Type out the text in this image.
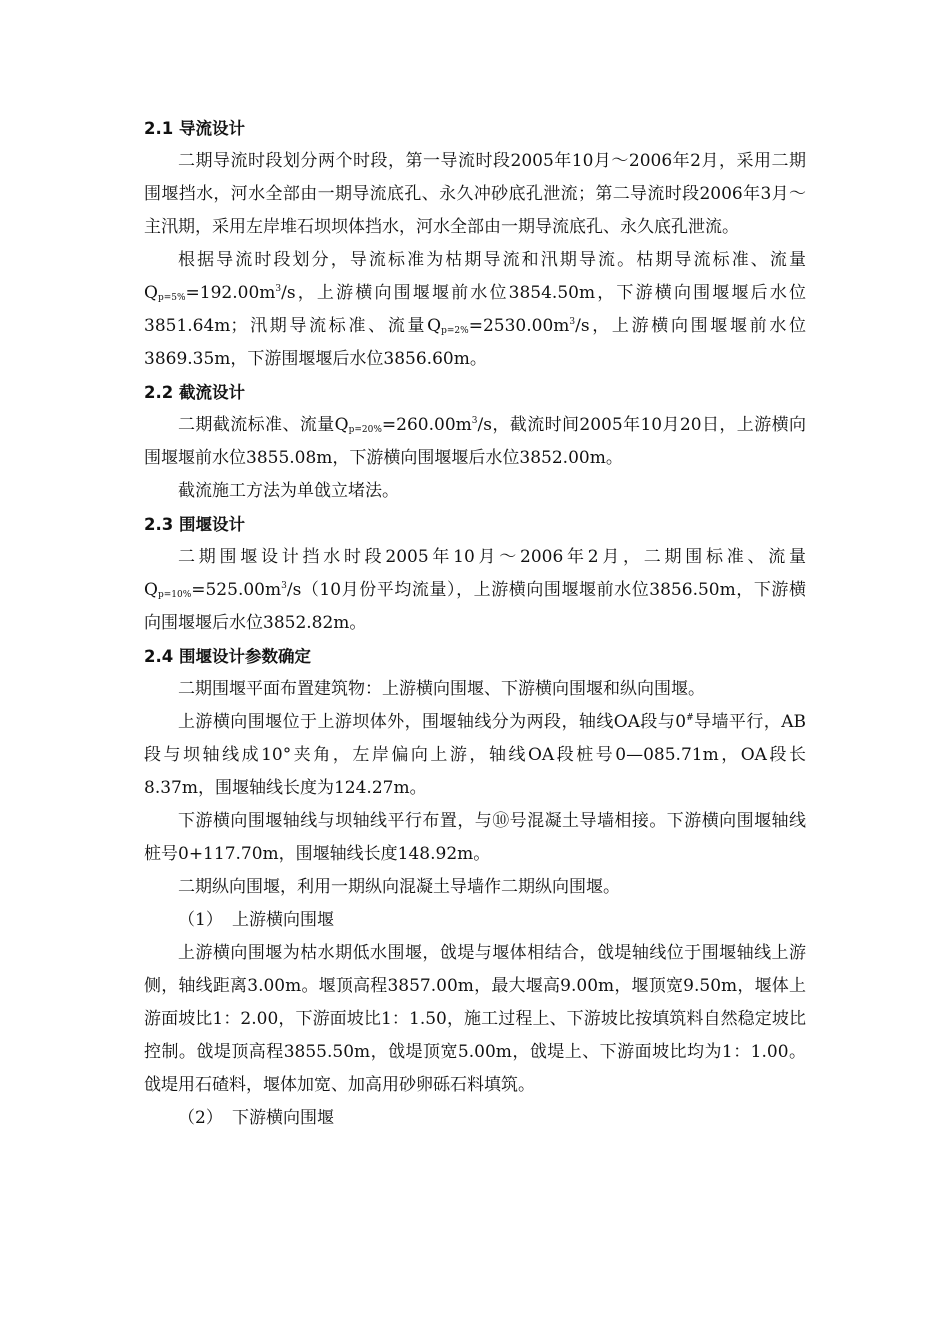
2.1 导流设计

二期导流时段划分两个时段，第一导流时段2005年10月～2006年2月，采用二期围堰挡水，河水全部由一期导流底孔、永久冲砂底孔泄流；第二导流时段2006年3月～主汛期，采用左岸堆石坝坝体挡水，河水全部由一期导流底孔、永久底孔泄流。

根据导流时段划分，导流标准为枯期导流和汛期导流。枯期导流标准、流量$Q_{p=5\%}=192.00m^3/s$，上游横向围堰堰前水位3854.50m，下游横向围堰堰后水位3851.64m；汛期导流标准、流量$Q_{p=2\%}=2530.00m^3/s$，上游横向围堰堰前水位3869.35m，下游围堰堰后水位3856.60m。

2.2 截流设计

二期截流标准、流量$Q_{p=20\%}=260.00m^3/s$，截流时间2005年10月20日，上游横向围堰堰前水位3855.08m，下游横向围堰堰后水位3852.00m。

截流施工方法为单戗立堵法。

2.3 围堰设计

二期围堰设计挡水时段2005年10月～2006年2月，二期围标准、流量$Q_{p=10\%}=525.00m^3/s(10$月份平均流量），上游横向围堰堰前水位3856.50m，下游横向围堰堰后水位3852.82m。

2.4 围堰设计参数确定

二期围堰平面布置建筑物：上游横向围堰、下游横向围堰和纵向围堰。

上游横向围堰位于上游坝体外，围堰轴线分为两段，轴线OA段与0#导墙平行，AB段与坝轴线成10°夹角，左岸偏向上游，轴线OA段桩号0—085.71m，OA段长8.37m，围堰轴线长度为124.27m。

下游横向围堰轴线与坝轴线平行布置，与⑩号混凝土导墙相接。下游横向围堰轴线桩号0+117.70m，围堰轴线长度148.92m。

二期纵向围堰，利用一期纵向混凝土导墙作二期纵向围堰。

（1） 上游横向围堰

上游横向围堰为枯水期低水围堰，戗堤与堰体相结合，戗堤轴线位于围堰轴线上游侧，轴线距离3.00m。堰顶高程3857.00m，最大堰高9.00m，堰顶宽9.50m，堰体上游面坡比1：2.00，下游面坡比1：1.50，施工过程上、下游坡比按填筑料自然稳定坡比控制。戗堤顶高程3855.50m，戗堤顶宽5.00m，戗堤上、下游面坡比均为1：1.00。戗堤用石碴料，堰体加宽、加高用砂卵砾石料填筑。

（2） 下游横向围堰
